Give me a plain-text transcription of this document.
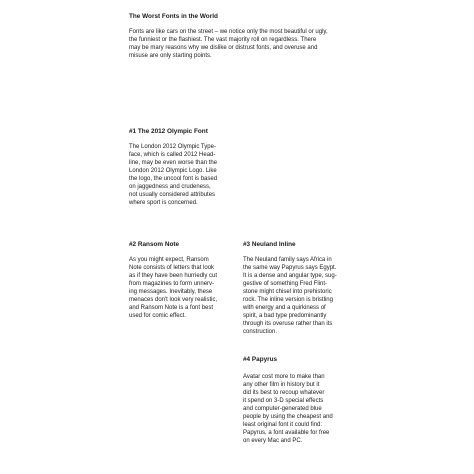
The Worst Fonts in the World

Fonts are like cars on the street – we notice only the most beautiful or ugly,
the funniest or the flashiest. The vast majority roll on regardless. There
may be mary reasons why we dislike or distrust fonts, and overuse and
misuse are only starting points.

#1 The 2012 Olympic Font

The London 2012 Olympic Type-
face, which is called 2012 Head-
line, may be even worse than the
London 2012 Olympic Logo. Like
the logo, the uncool font is based
on jaggedness and crudeness,
not usually considered attributes
where sport is concerned.

#2 Ransom Note

As you might expect, Ransom
Note consists of letters that look
as if they have been hurriedly cut
from magazines to form unnerv-
ing messages. Inevitably, these
menaces don't look very realistic,
and Ransom Note is a font best
used for comic effect.

#3 Neuland Inline

The Neuland family says Africa in
the same way Papyrus says Egypt.
It is a dense and angular type, sug-
gestive of something Fred Flint-
stone might chisel into prehistoric
rock. The inline version is bristling
with energy and a quirkiness of
spirit, a bad type predominantly
through its overuse rather than its
construction.

#4 Papyrus

Avatar cost more to make than
any other film in history but it
did its best to recoup whatever
it spend on 3-D special effects
and computer-generated blue
people by using the cheapest and
least original font it could find:
Papyrus, a font available for free
on every Mac and PC.
